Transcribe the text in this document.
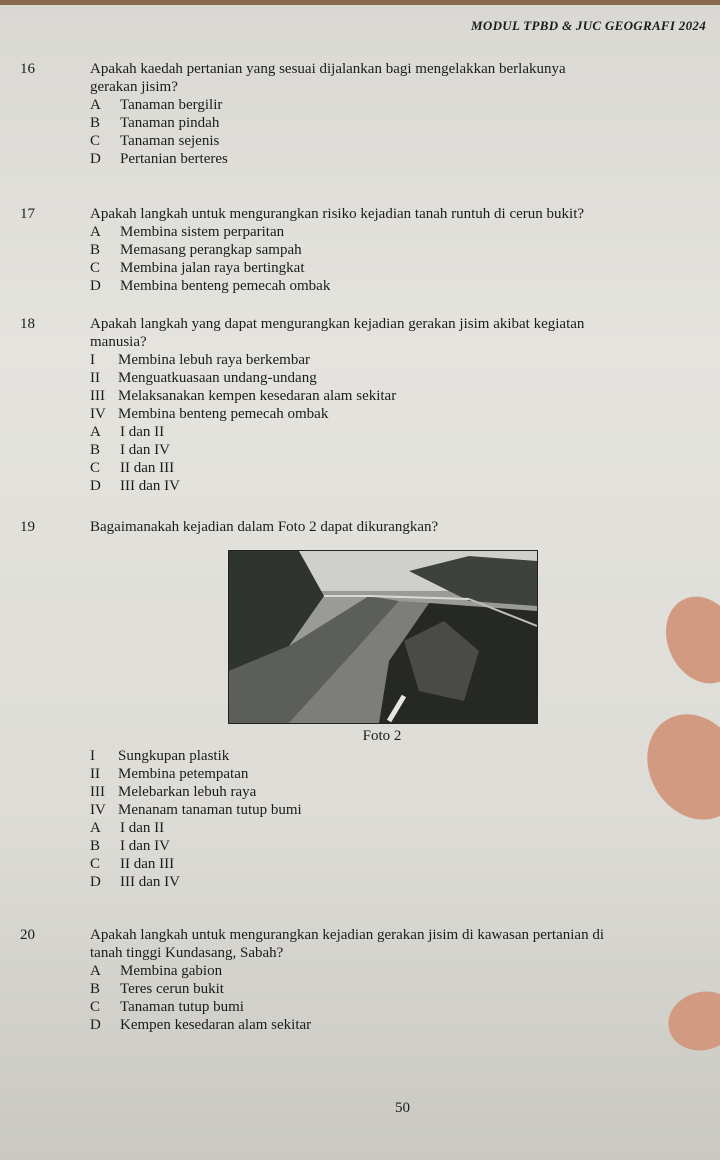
MODUL TPBD & JUC GEOGRAFI 2024
16	Apakah kaedah pertanian yang sesuai dijalankan bagi mengelakkan berlakunya
gerakan jisim?
A	Tanaman bergilir
B	Tanaman pindah
C	Tanaman sejenis
D	Pertanian berteres
17	Apakah langkah untuk mengurangkan risiko kejadian tanah runtuh di cerun bukit?
A	Membina sistem perparitan
B	Memasang perangkap sampah
C	Membina jalan raya bertingkat
D	Membina benteng pemecah ombak
18	Apakah langkah yang dapat mengurangkan kejadian gerakan jisim akibat kegiatan
manusia?
I	Membina lebuh raya berkembar
II	Menguatkuasaan undang-undang
III Melaksanakan kempen kesedaran alam sekitar
IV Membina benteng pemecah ombak
A	I dan II
B	I dan IV
C	II dan III
D	III dan IV
19	Bagaimanakah kejadian dalam Foto 2 dapat dikurangkan?
Foto 2
I	Sungkupan plastik
II	Membina petempatan
III Melebarkan lebuh raya
IV Menanam tanaman tutup bumi
A	I dan II
B	I dan IV
C	II dan III
D	III dan IV
20	Apakah langkah untuk mengurangkan kejadian gerakan jisim di kawasan pertanian di
tanah tinggi Kundasang, Sabah?
A	Membina gabion
B	Teres cerun bukit
C	Tanaman tutup bumi
D	Kempen kesedaran alam sekitar
50
